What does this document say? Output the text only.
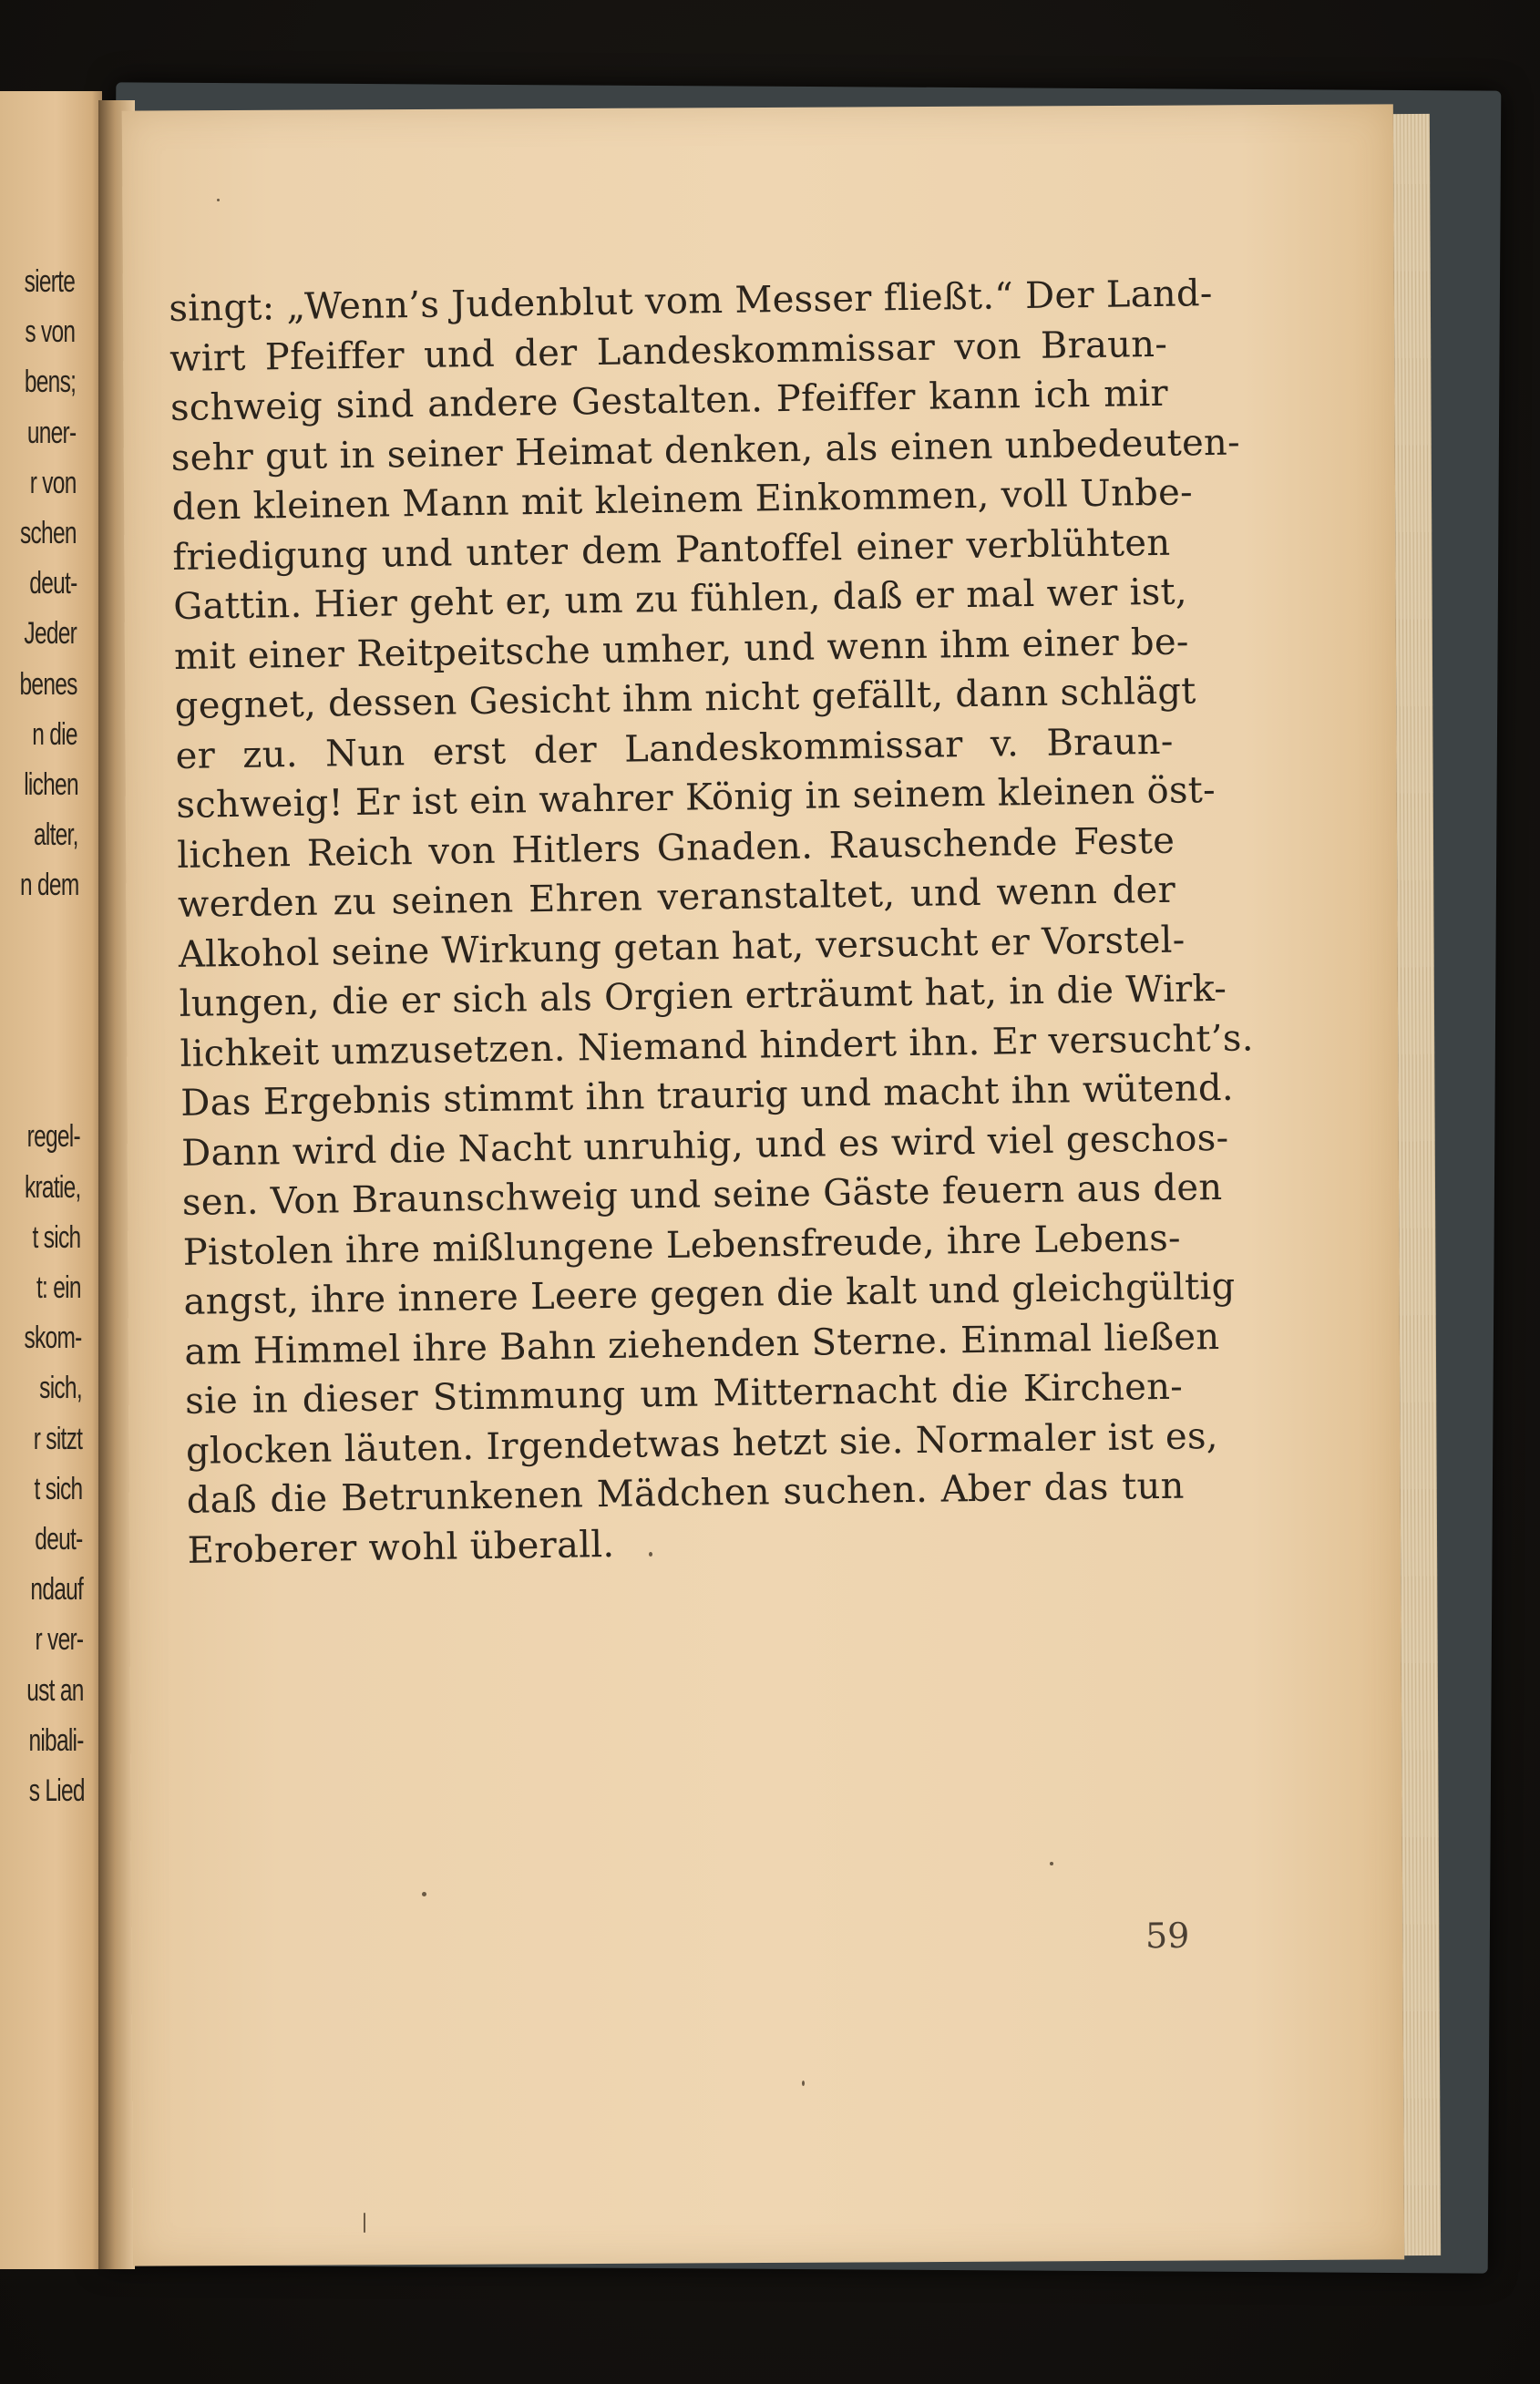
sierte
s von
bens;
uner-
r von
schen
deut-
Jeder
benes
n die
lichen
alter,
n dem
regel-
kratie,
t sich
t: ein
skom-
sich,
r sitzt
t sich
deut-
ndauf
r ver-
ust an
nibali-
s Lied
singt: „Wenn’s Judenblut vom Messer fließt.“ Der Land-
wirt Pfeiffer und der Landeskommissar von Braun-
schweig sind andere Gestalten. Pfeiffer kann ich mir
sehr gut in seiner Heimat denken, als einen unbedeuten-
den kleinen Mann mit kleinem Einkommen, voll Unbe-
friedigung und unter dem Pantoffel einer verblühten
Gattin. Hier geht er, um zu fühlen, daß er mal wer ist,
mit einer Reitpeitsche umher, und wenn ihm einer be-
gegnet, dessen Gesicht ihm nicht gefällt, dann schlägt
er zu. Nun erst der Landeskommissar v. Braun-
schweig! Er ist ein wahrer König in seinem kleinen öst-
lichen Reich von Hitlers Gnaden. Rauschende Feste
werden zu seinen Ehren veranstaltet, und wenn der
Alkohol seine Wirkung getan hat, versucht er Vorstel-
lungen, die er sich als Orgien erträumt hat, in die Wirk-
lichkeit umzusetzen. Niemand hindert ihn. Er versucht’s.
Das Ergebnis stimmt ihn traurig und macht ihn wütend.
Dann wird die Nacht unruhig, und es wird viel geschos-
sen. Von Braunschweig und seine Gäste feuern aus den
Pistolen ihre mißlungene Lebensfreude, ihre Lebens-
angst, ihre innere Leere gegen die kalt und gleichgültig
am Himmel ihre Bahn ziehenden Sterne. Einmal ließen
sie in dieser Stimmung um Mitternacht die Kirchen-
glocken läuten. Irgendetwas hetzt sie. Normaler ist es,
daß die Betrunkenen Mädchen suchen. Aber das tun
Eroberer wohl überall.
59
